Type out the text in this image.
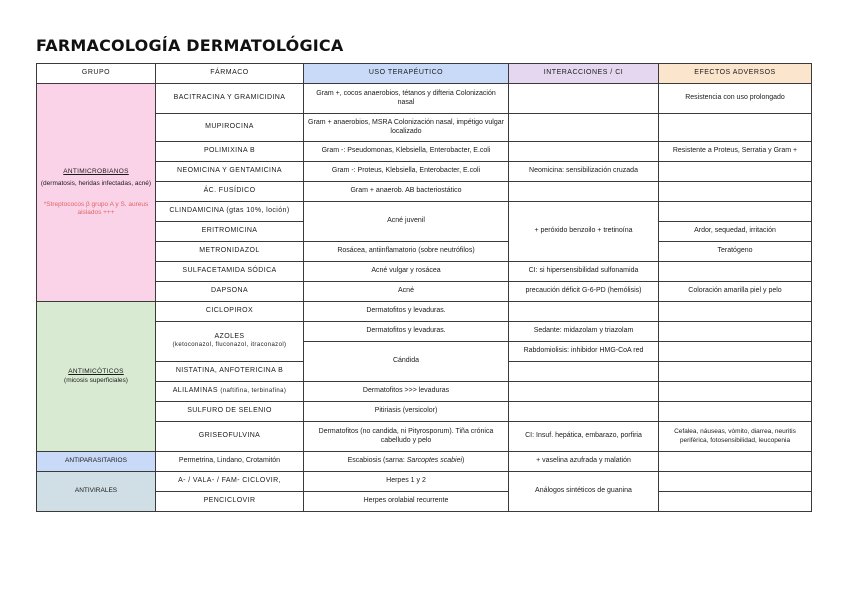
FARMACOLOGÍA DERMATOLÓGICA
GRUPO	FÁRMACO	USO TERAPÉUTICO	INTERACCIONES / CI	EFECTOS ADVERSOS

ANTIMICROBIANOS
(dermatosis, heridas infectadas, acné)
*Streptococos β grupo A y S. aureus aislados +++	BACITRACINA Y GRAMICIDINA	Gram +, cocos anaerobios, tétanos y difteria Colonización nasal		Resistencia con uso prolongado
	MUPIROCINA	Gram + anaerobios, MSRA Colonización nasal, impétigo vulgar localizado		
	POLIMIXINA B	Gram -: Pseudomonas, Klebsiella, Enterobacter, E.coli		Resistente a Proteus, Serratia y Gram +
	NEOMICINA Y GENTAMICINA	Gram -: Proteus, Klebsiella, Enterobacter, E.coli	Neomicina: sensibilización cruzada	
	ÁC. FUSÍDICO	Gram + anaerob. AB bacteriostático		
	CLINDAMICINA (gtas 10%, loción)	Acné juvenil	+ peróxido benzoilo + tretinoína	
	ERITROMICINA			Ardor, sequedad, irritación
	METRONIDAZOL	Rosácea, antiinflamatorio (sobre neutrófilos)		Teratógeno
	SULFACETAMIDA SÓDICA	Acné vulgar y rosácea	CI: si hipersensibilidad sulfonamida	
	DAPSONA	Acné	precaución déficit G-6-PD (hemólisis)	Coloración amarilla piel y pelo

ANTIMICÓTICOS
(micosis superficiales)	CICLOPIROX	Dermatofitos y levaduras.		

	AZOLES
(ketoconazol, fluconazol, itraconazol)	Dermatofitos y levaduras.	Sedante: midazolam y triazolam	
		Cándida	Rabdomiolisis: inhibidor HMG-CoA red	
	NISTATINA, ANFOTERICINA B			
	ALILAMINAS (naftifina, terbinafina)	Dermatofitos >>> levaduras		
	SULFURO DE SELENIO	Pitiriasis (versicolor)		
	GRISEOFULVINA	Dermatofitos (no candida, ni Pityrosporum). Tiña crónica cabelludo y pelo	CI: Insuf. hepática, embarazo, porfiria	Cefalea, náuseas, vómito, diarrea, neuritis periférica, fotosensibilidad, leucopenia
ANTIPARASITARIOS	Permetrina, Lindano, Crotamitón	Escabiosis (sarna: Sarcoptes scabiei)	+ vaselina azufrada y malatión	
ANTIVIRALES	A- / VALA- / FAM- CICLOVIR,	Herpes 1 y 2	Análogos sintéticos de guanina	
	PENCICLOVIR	Herpes orolabial recurrente		
